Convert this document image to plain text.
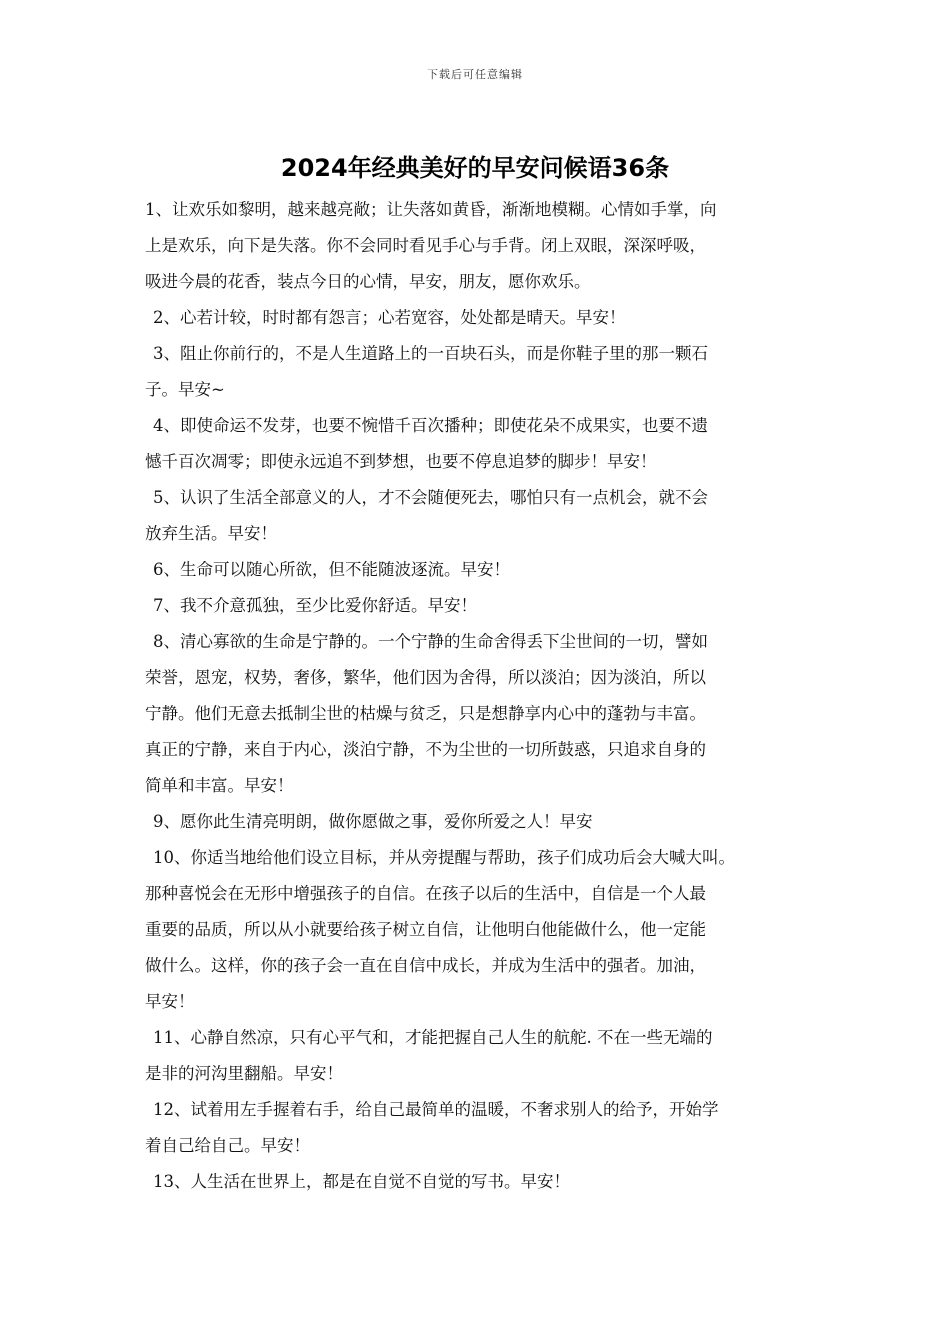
下载后可任意编辑
2024年经典美好的早安问候语36条

1、让欢乐如黎明，越来越亮敞；让失落如黄昏，渐渐地模糊。心情如手掌，向

上是欢乐，向下是失落。你不会同时看见手心与手背。闭上双眼，深深呼吸，

吸进今晨的花香，装点今日的心情，早安，朋友，愿你欢乐。

2、心若计较，时时都有怨言；心若宽容，处处都是晴天。早安！

3、阻止你前行的，不是人生道路上的一百块石头，而是你鞋子里的那一颗石

子。早安~

4、即使命运不发芽，也要不惋惜千百次播种；即使花朵不成果实，也要不遗

憾千百次凋零；即使永远追不到梦想，也要不停息追梦的脚步！早安！

5、认识了生活全部意义的人，才不会随便死去，哪怕只有一点机会，就不会

放弃生活。早安！

6、生命可以随心所欲，但不能随波逐流。早安！

7、我不介意孤独，至少比爱你舒适。早安！

8、清心寡欲的生命是宁静的。一个宁静的生命舍得丢下尘世间的一切，譬如

荣誉，恩宠，权势，奢侈，繁华，他们因为舍得，所以淡泊；因为淡泊，所以

宁静。他们无意去抵制尘世的枯燥与贫乏，只是想静享内心中的蓬勃与丰富。

真正的宁静，来自于内心，淡泊宁静，不为尘世的一切所鼓惑，只追求自身的

简单和丰富。早安！

9、愿你此生清亮明朗，做你愿做之事，爱你所爱之人！早安

10、你适当地给他们设立目标，并从旁提醒与帮助，孩子们成功后会大喊大叫。

那种喜悦会在无形中增强孩子的自信。在孩子以后的生活中，自信是一个人最

重要的品质，所以从小就要给孩子树立自信，让他明白他能做什么，他一定能

做什么。这样，你的孩子会一直在自信中成长，并成为生活中的强者。加油，

早安！

11、心静自然凉，只有心平气和，才能把握自己人生的航舵. 不在一些无端的

是非的河沟里翻船。早安！

12、试着用左手握着右手，给自己最简单的温暖，不奢求别人的给予，开始学

着自己给自己。早安！

13、人生活在世界上，都是在自觉不自觉的写书。早安！
